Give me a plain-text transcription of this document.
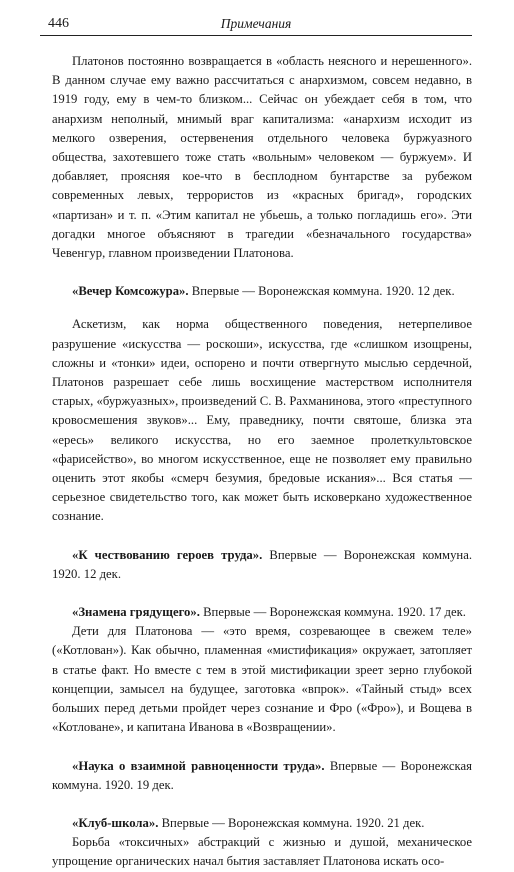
446	Примечания

Платонов постоянно возвращается в «область неясного и нерешенного». В данном случае ему важно рассчитаться с анархизмом, совсем недавно, в 1919 году, ему в чем-то близком... Сейчас он убеждает себя в том, что анархизм неполный, мнимый враг капитализма: «анархизм исходит из мелкого озверения, остервенения отдельного человека буржуазного общества, захотевшего тоже стать «вольным» человеком — буржуем». И добавляет, проясняя кое-что в бесплодном бунтарстве за рубежом современных левых, террористов из «красных бригад», городских «партизан» и т. п. «Этим капитал не убьешь, а только погладишь его». Эти догадки многое объясняют в трагедии «безначального государства» Чевенгур, главном произведении Платонова.

«Вечер Комсожура». Впервые — Воронежская коммуна. 1920. 12 дек.

Аскетизм, как норма общественного поведения, нетерпеливое разрушение «искусства — роскоши», искусства, где «слишком изощрены, сложны и «тонки» идеи, оспорено и почти отвергнуто мыслью сердечной, Платонов разрешает себе лишь восхищение мастерством исполнителя старых, «буржуазных», произведений С. В. Рахманинова, этого «преступного кровосмешения звуков»... Ему, праведнику, почти святоше, близка эта «ересь» великого искусства, но его заемное пролеткультовское «фарисейство», во многом искусственное, еще не позволяет ему правильно оценить этот якобы «смерч безумия, бредовые искания»... Вся статья — серьезное свидетельство того, как может быть исковеркано художественное сознание.

«К чествованию героев труда». Впервые — Воронежская коммуна. 1920. 12 дек.

«Знамена грядущего». Впервые — Воронежская коммуна. 1920. 17 дек.

Дети для Платонова — «это время, созревающее в свежем теле» («Котлован»). Как обычно, пламенная «мистификация» окружает, затопляет в статье факт. Но вместе с тем в этой мистификации зреет зерно глубокой концепции, замысел на будущее, заготовка «впрок». «Тайный стыд» всех больших перед детьми пройдет через сознание и Фро («Фро»), и Вощева в «Котловане», и капитана Иванова в «Возвращении».

«Наука о взаимной равноценности труда». Впервые — Воронежская коммуна. 1920. 19 дек.

«Клуб-школа». Впервые — Воронежская коммуна. 1920. 21 дек.

Борьба «токсичных» абстракций с жизнью и душой, механическое упрощение органических начал бытия заставляет Платонова искать осо-
